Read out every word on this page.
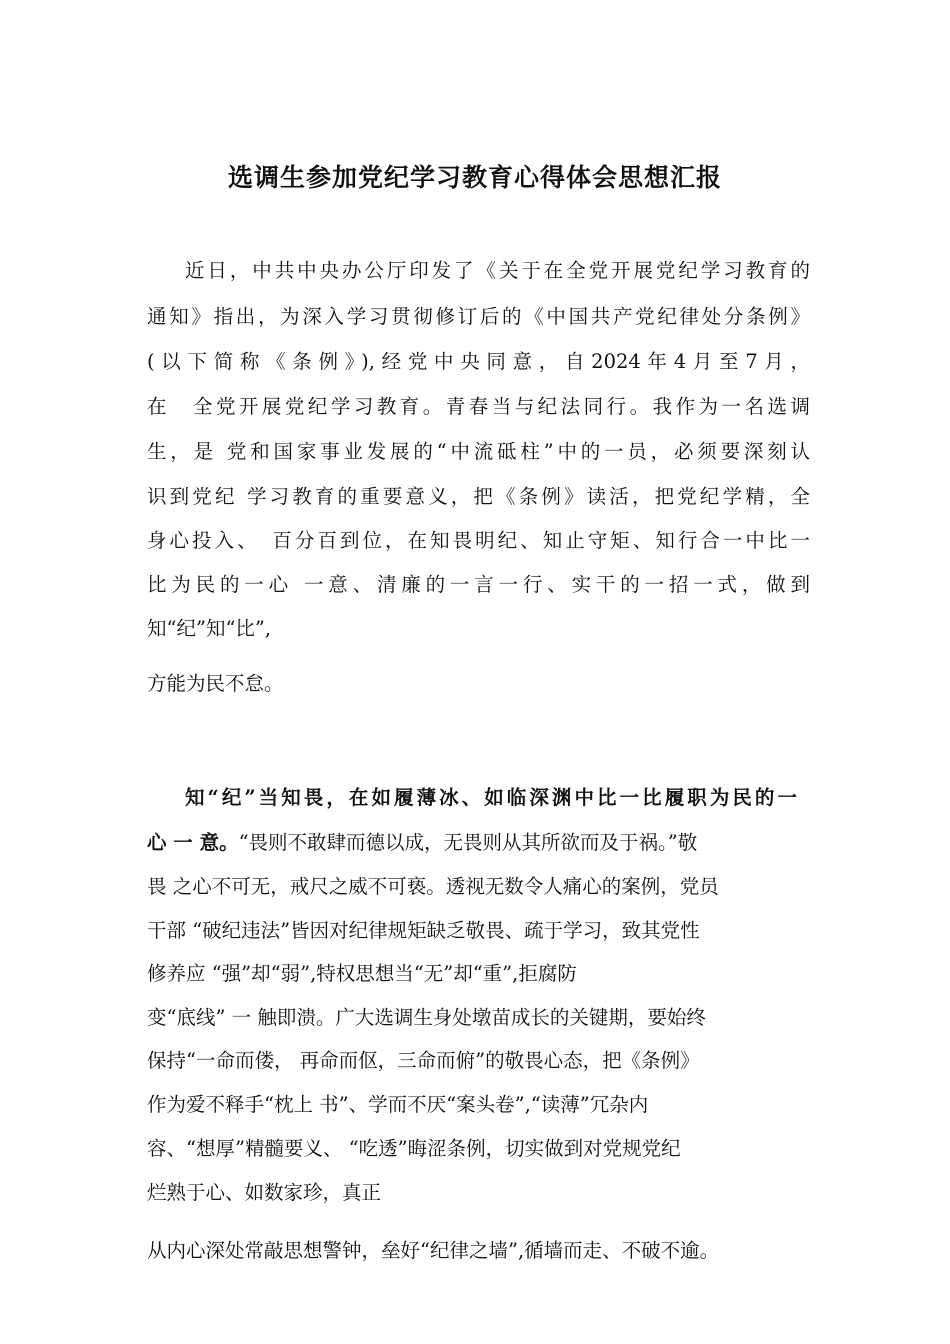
选调生参加党纪学习教育心得体会思想汇报

近日，中共中央办公厅印发了《关于在全党开展党纪学习教育的

通知》指出，为深入学习贯彻修订后的《中国共产党纪律处分条例》

(以下简称《条例》),经党中央同意，自2024年4月至7月，

在　全党开展党纪学习教育。青春当与纪法同行。我作为一名选调

生，是 党和国家事业发展的“中流砥柱”中的一员，必须要深刻认

识到党纪 学习教育的重要意义，把《条例》读活，把党纪学精，全

身心投入、　百分百到位，在知畏明纪、知止守矩、知行合一中比一

比为民的一心 一意、清廉的一言一行、实干的一招一式，做到

知“纪”知“比”,

方能为民不怠。

知“纪”当知畏，在如履薄冰、如临深渊中比一比履职为民的一

心 一 意。“畏则不敢肆而德以成，无畏则从其所欲而及于祸。”敬

畏 之心不可无，戒尺之威不可亵。透视无数令人痛心的案例，党员

干部 “破纪违法”皆因对纪律规矩缺乏敬畏、疏于学习，致其党性

修养应 “强”却“弱”,特权思想当“无”却“重”,拒腐防

变“底线” 一 触即溃。广大选调生身处墩苗成长的关键期，要始终

保持“一命而偻， 再命而伛，三命而俯”的敬畏心态，把《条例》

作为爱不释手“枕上 书”、学而不厌“案头卷”,“读薄”冗杂内

容、“想厚”精髓要义、 “吃透”晦涩条例，切实做到对党规党纪

烂熟于心、如数家珍，真正

从内心深处常敲思想警钟，垒好“纪律之墙”,循墙而走、不破不逾。
